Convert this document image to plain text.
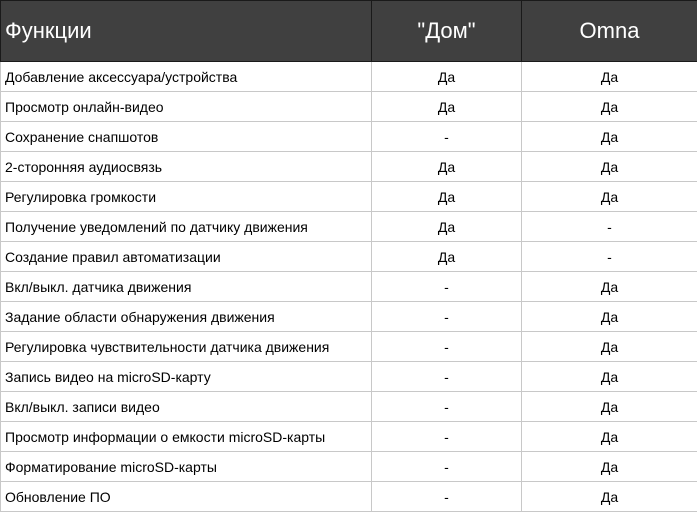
Функции	"Дом"	Omna
Добавление аксессуара/устройства	Да	Да
Просмотр онлайн-видео	Да	Да
Сохранение снапшотов	-	Да
2-сторонняя аудиосвязь	Да	Да
Регулировка громкости	Да	Да
Получение уведомлений по датчику движения	Да	-
Создание правил автоматизации	Да	-
Вкл/выкл. датчика движения	-	Да
Задание области обнаружения движения	-	Да
Регулировка чувствительности датчика движения	-	Да
Запись видео на microSD-карту	-	Да
Вкл/выкл. записи видео	-	Да
Просмотр информации о емкости microSD-карты	-	Да
Форматирование microSD-карты	-	Да
Обновление ПО	-	Да
